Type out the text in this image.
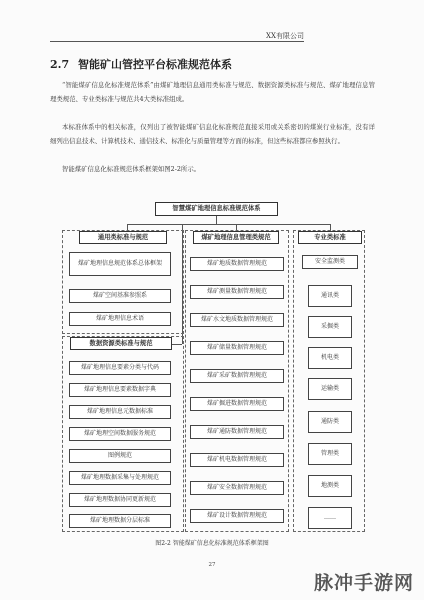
XX有限公司
2.7 智能矿山管控平台标准规范体系

“智能煤矿信息化标准规范体系”由煤矿地理信息通用类标准与规范、数据资源类标准与规范、煤矿地理信息管理类规范、专业类标准与规范共4大类标准组成。

本标准体系中的相关标准，仅列出了被智能煤矿信息化标准规范直接采用或关系密切的煤炭行业标准，没有详细列出信息技术、计算机技术、通信技术、标准化与质量管理等方面的标准，但这些标准都应参照执行。

智能煤矿信息化标准规范体系框架如图2-2所示。

智慧煤矿地理信息标准规范体系
通用类标准与规范	煤矿地理信息管理类规范	专业类标准
数据资源类标准与规范
煤矿地理信息规范体系总体框架
煤矿空间基准参照系
煤矿地理信息术语
煤矿地理信息要素分类与代码
煤矿地理信息要素数据字典
煤矿地理信息元数据标准
煤矿地理空间数据服务规范
图例规范
煤矿地理数据采集与处理规范
煤矿地理数据协同更新规范
煤矿地理数据分层标准
煤矿地质数据管理规范
煤矿测量数据管理规范
煤矿水文地质数据管理规范
煤矿储量数据管理规范
煤矿采矿数据管理规范
煤矿掘进数据管理规范
煤矿通防数据管理规范
煤矿机电数据管理规范
煤矿安全数据管理规范
煤矿设计数据管理规范
安全监测类
通讯类
采掘类
机电类
运输类
通防类
管理类
地测类
……
图2-2 智能煤矿信息化标准规范体系框架图
27
脉冲手游网
